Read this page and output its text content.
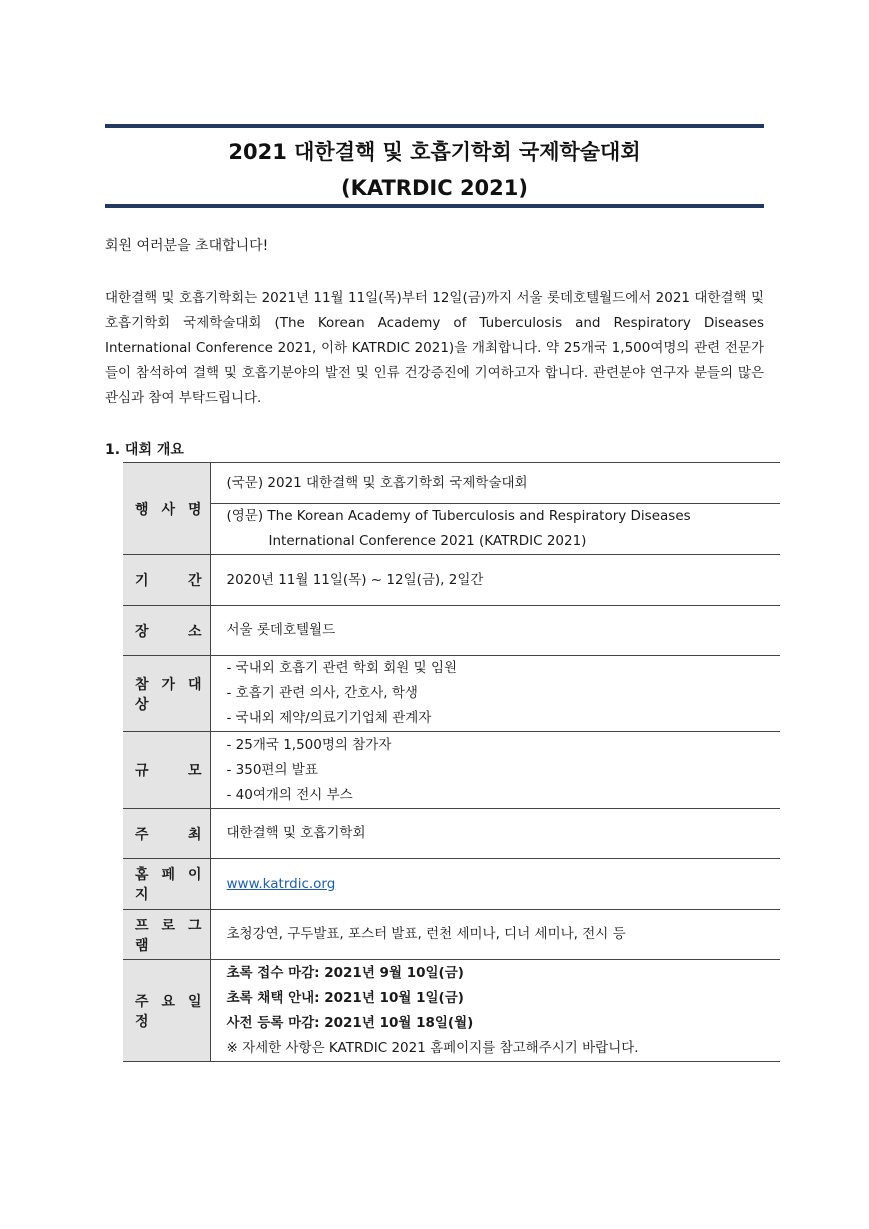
2021 대한결핵 및 호흡기학회 국제학술대회
(KATRDIC 2021)
회원 여러분을 초대합니다!
대한결핵 및 호흡기학회는 2021년 11월 11일(목)부터 12일(금)까지 서울 롯데호텔월드에서 2021 대한결핵 및 호흡기학회 국제학술대회 (The Korean Academy of Tuberculosis and Respiratory Diseases International Conference 2021, 이하 KATRDIC 2021)을 개최합니다. 약 25개국 1,500여명의 관련 전문가들이 참석하여 결핵 및 호흡기분야의 발전 및 인류 건강증진에 기여하고자 합니다. 관련분야 연구자 분들의 많은 관심과 참여 부탁드립니다.
1. 대회 개요
행 사 명	(국문) 2021 대한결핵 및 호흡기학회 국제학술대회
	(영문) The Korean Academy of Tuberculosis and Respiratory Diseases
International Conference 2021 (KATRDIC 2021)

기 간	2020년 11월 11일(목) ~ 12일(금), 2일간
장 소	서울 롯데호텔월드
참 가 대 상	- 국내외 호흡기 관련 학회 회원 및 임원
- 호흡기 관련 의사, 간호사, 학생
- 국내외 제약/의료기기업체 관계자

규 모	- 25개국 1,500명의 참가자
- 350편의 발표
- 40여개의 전시 부스

주 최	대한결핵 및 호흡기학회
홈 페 이 지	www.katrdic.org
프 로 그 램	초청강연, 구두발표, 포스터 발표, 런천 세미나, 디너 세미나, 전시 등
주 요 일 정	초록 접수 마감: 2021년 9월 10일(금)
초록 채택 안내: 2021년 10월 1일(금)
사전 등록 마감: 2021년 10월 18일(월)
※ 자세한 사항은 KATRDIC 2021 홈페이지를 참고해주시기 바랍니다.
